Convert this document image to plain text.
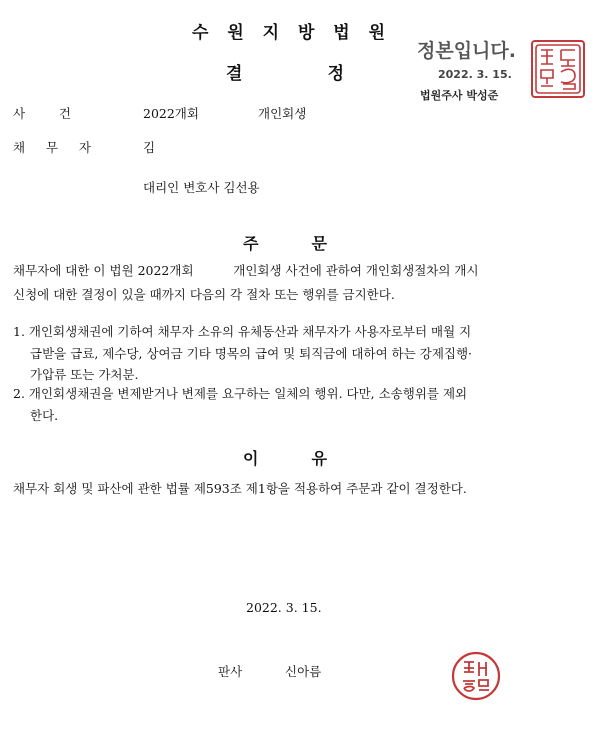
수 원 지 방 법 원
결	정
정본입니다.
2022. 3. 15.
법원주사 박성준
사	건	2022개회	개인회생
채 무 자	김
대리인 변호사 김선용
주	문
채무자에 대한 이 법원 2022개회          개인회생 사건에 관하여 개인회생절차의 개시
신청에 대한 결정이 있을 때까지 다음의 각 절차 또는 행위를 금지한다.
1. 개인회생채권에 기하여 채무자 소유의 유체동산과 채무자가 사용자로부터 매월 지
급받을 급료, 제수당, 상여금 기타 명목의 급여 및 퇴직금에 대하여 하는 강제집행·
가압류 또는 가처분.
2. 개인회생채권을 변제받거나 변제를 요구하는 일체의 행위. 다만, 소송행위를 제외
한다.
이	유
채무자 회생 및 파산에 관한 법률 제593조 제1항을 적용하여 주문과 같이 결정한다.
2022. 3. 15.
판사	신아름
